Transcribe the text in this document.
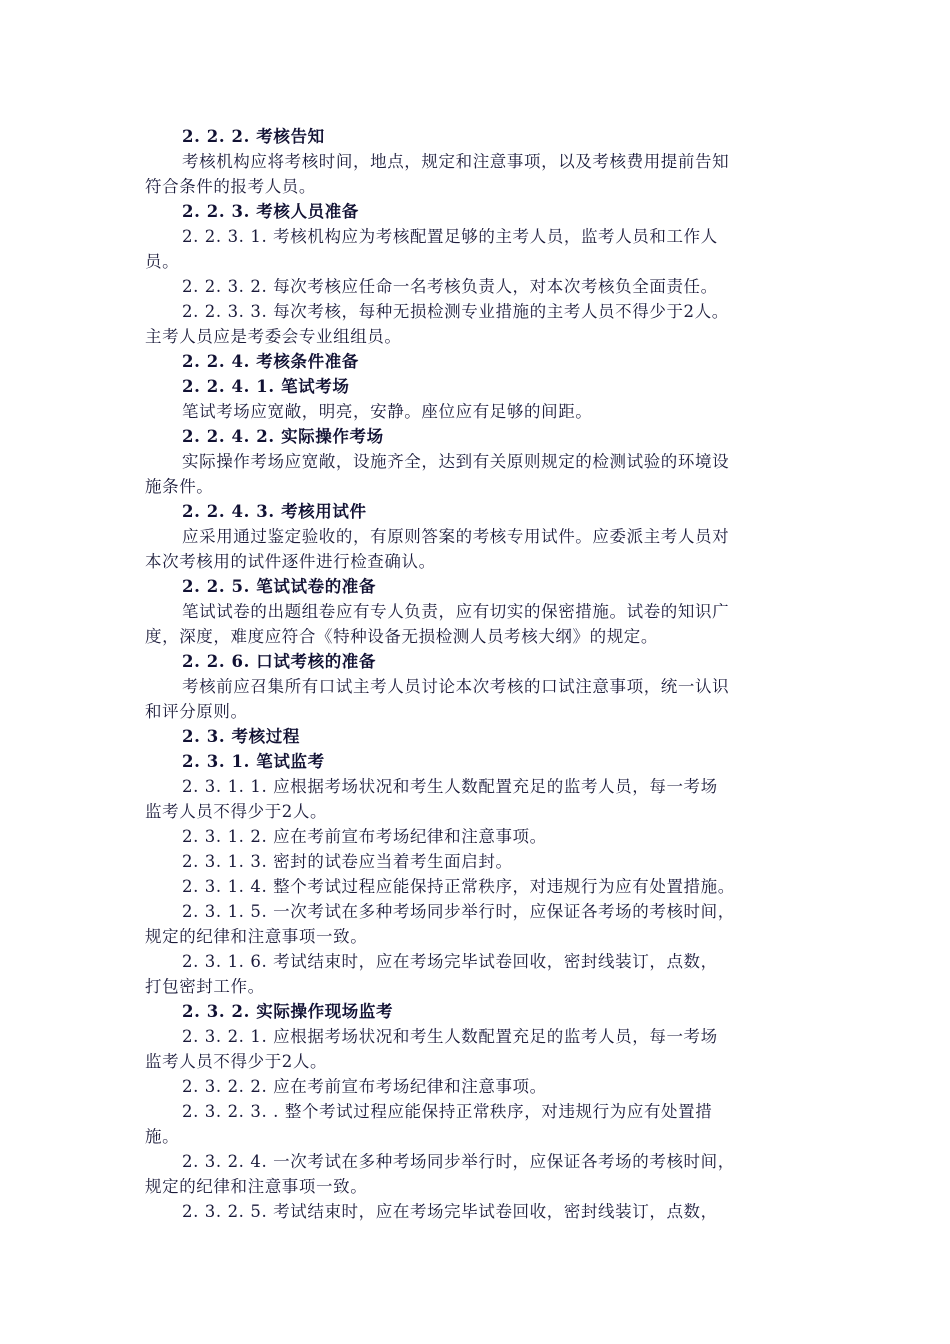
2. 2. 2. 考核告知
考核机构应将考核时间，地点，规定和注意事项，以及考核费用提前告知
符合条件的报考人员。
2. 2. 3. 考核人员准备
2. 2. 3. 1. 考核机构应为考核配置足够的主考人员，监考人员和工作人
员。
2. 2. 3. 2. 每次考核应任命一名考核负责人，对本次考核负全面责任。
2. 2. 3. 3. 每次考核，每种无损检测专业措施的主考人员不得少于2人。
主考人员应是考委会专业组组员。
2. 2. 4. 考核条件准备
2. 2. 4. 1. 笔试考场
笔试考场应宽敞，明亮，安静。座位应有足够的间距。
2. 2. 4. 2. 实际操作考场
实际操作考场应宽敞，设施齐全，达到有关原则规定的检测试验的环境设
施条件。
2. 2. 4. 3. 考核用试件
应采用通过鉴定验收的，有原则答案的考核专用试件。应委派主考人员对
本次考核用的试件逐件进行检查确认。
2. 2. 5. 笔试试卷的准备
笔试试卷的出题组卷应有专人负责，应有切实的保密措施。试卷的知识广
度，深度，难度应符合《特种设备无损检测人员考核大纲》的规定。
2. 2. 6. 口试考核的准备
考核前应召集所有口试主考人员讨论本次考核的口试注意事项，统一认识
和评分原则。
2. 3. 考核过程
2. 3. 1. 笔试监考
2. 3. 1. 1. 应根据考场状况和考生人数配置充足的监考人员，每一考场
监考人员不得少于2人。
2. 3. 1. 2. 应在考前宣布考场纪律和注意事项。
2. 3. 1. 3. 密封的试卷应当着考生面启封。
2. 3. 1. 4. 整个考试过程应能保持正常秩序，对违规行为应有处置措施。
2. 3. 1. 5. 一次考试在多种考场同步举行时，应保证各考场的考核时间，
规定的纪律和注意事项一致。
2. 3. 1. 6. 考试结束时，应在考场完毕试卷回收，密封线装订，点数，
打包密封工作。
2. 3. 2. 实际操作现场监考
2. 3. 2. 1. 应根据考场状况和考生人数配置充足的监考人员，每一考场
监考人员不得少于2人。
2. 3. 2. 2. 应在考前宣布考场纪律和注意事项。
2. 3. 2. 3. . 整个考试过程应能保持正常秩序，对违规行为应有处置措
施。
2. 3. 2. 4. 一次考试在多种考场同步举行时，应保证各考场的考核时间，
规定的纪律和注意事项一致。
2. 3. 2. 5. 考试结束时，应在考场完毕试卷回收，密封线装订，点数，
